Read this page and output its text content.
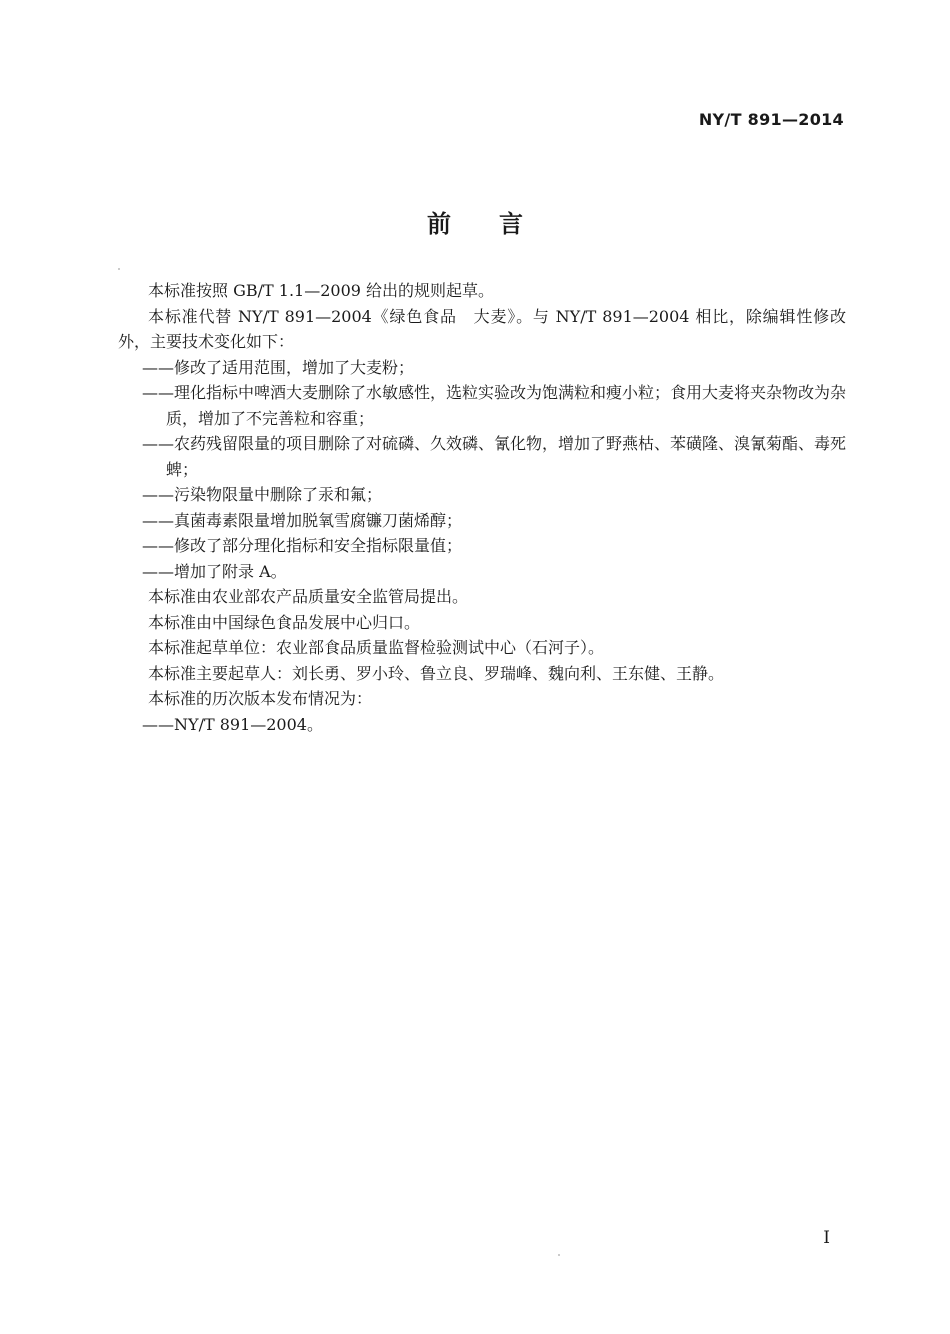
NY/T 891—2014
前言
本标准按照 GB/T 1.1—2009 给出的规则起草。
本标准代替 NY/T 891—2004《绿色食品　大麦》。与 NY/T 891—2004 相比，除编辑性修改外，主要技术变化如下：
——修改了适用范围，增加了大麦粉；
——理化指标中啤酒大麦删除了水敏感性，选粒实验改为饱满粒和瘦小粒；食用大麦将夹杂物改为杂质，增加了不完善粒和容重；
——农药残留限量的项目删除了对硫磷、久效磷、氰化物，增加了野燕枯、苯磺隆、溴氰菊酯、毒死蜱；
——污染物限量中删除了汞和氟；
——真菌毒素限量增加脱氧雪腐镰刀菌烯醇；
——修改了部分理化指标和安全指标限量值；
——增加了附录 A。
本标准由农业部农产品质量安全监管局提出。
本标准由中国绿色食品发展中心归口。
本标准起草单位：农业部食品质量监督检验测试中心（石河子）。
本标准主要起草人：刘长勇、罗小玲、鲁立良、罗瑞峰、魏向利、王东健、王静。
本标准的历次版本发布情况为：
——NY/T 891—2004。
I
